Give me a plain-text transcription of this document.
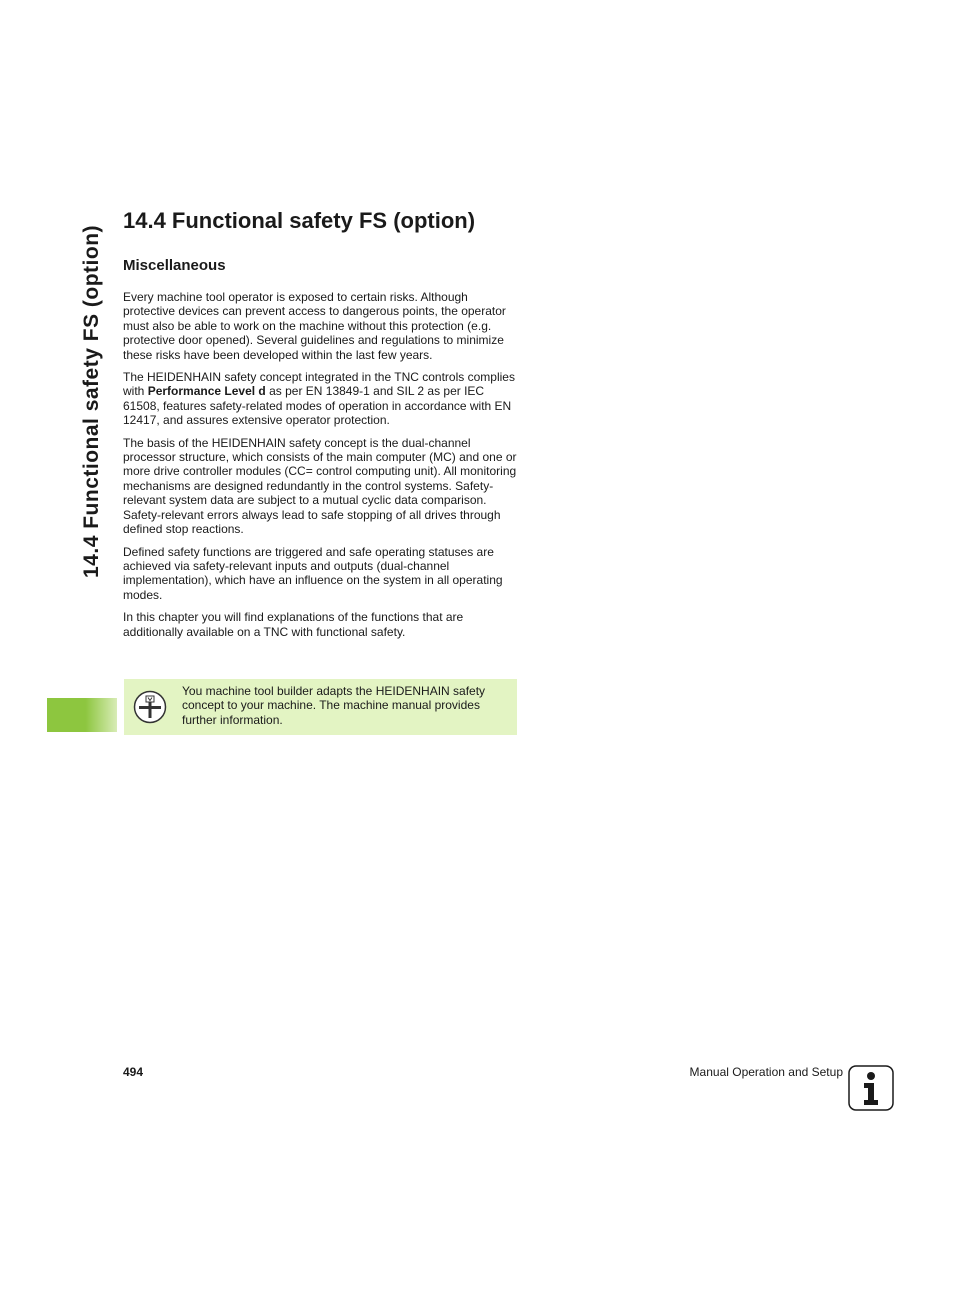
14.4 Functional safety FS (option)
14.4 Functional safety FS (option)
Miscellaneous

Every machine tool operator is exposed to certain risks. Although protective devices can prevent access to dangerous points, the operator must also be able to work on the machine without this protection (e.g. protective door opened). Several guidelines and regulations to minimize these risks have been developed within the last few years.

The HEIDENHAIN safety concept integrated in the TNC controls complies with Performance Level d as per EN 13849-1 and SIL 2 as per IEC 61508, features safety-related modes of operation in accordance with EN 12417, and assures extensive operator protection.

The basis of the HEIDENHAIN safety concept is the dual-channel processor structure, which consists of the main computer (MC) and one or more drive controller modules (CC= control computing unit). All monitoring mechanisms are designed redundantly in the control systems. Safety-relevant system data are subject to a mutual cyclic data comparison. Safety-relevant errors always lead to safe stopping of all drives through defined stop reactions.

Defined safety functions are triggered and safe operating statuses are achieved via safety-relevant inputs and outputs (dual-channel implementation), which have an influence on the system in all operating modes.

In this chapter you will find explanations of the functions that are additionally available on a TNC with functional safety.

You machine tool builder adapts the HEIDENHAIN safety concept to your machine. The machine manual provides further information.
494	Manual Operation and Setup
